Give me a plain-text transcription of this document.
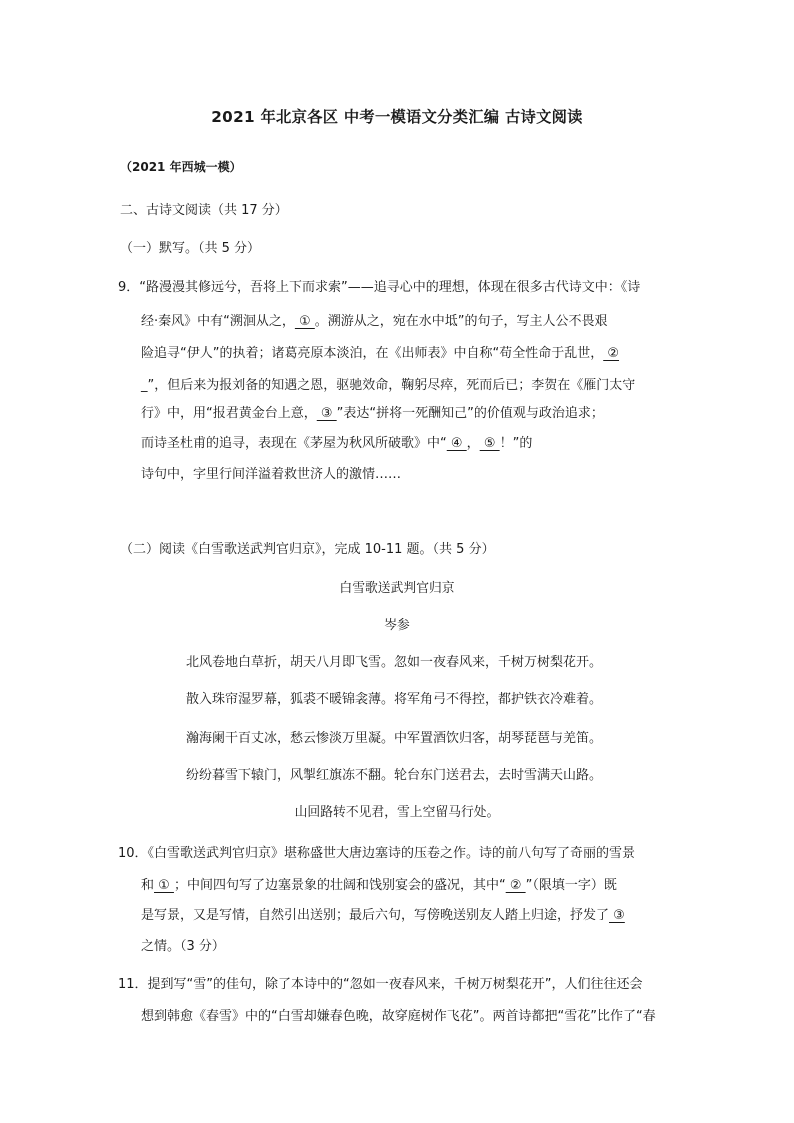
2021 年北京各区 中考一模语文分类汇编 古诗文阅读
（2021 年西城一模）
二、古诗文阅读（共 17 分）
（一）默写。（共 5 分）
9．“路漫漫其修远兮，吾将上下而求索”——追寻心中的理想，体现在很多古代诗文中：《诗
经·秦风》中有“溯洄从之， ① 。溯游从之，宛在水中坻”的句子，写主人公不畏艰
险追寻“伊人”的执着；诸葛亮原本淡泊，在《出师表》中自称“苟全性命于乱世， ②
_”，但后来为报刘备的知遇之恩，驱驰效命，鞠躬尽瘁，死而后已；李贺在《雁门太守
行》中，用“报君黄金台上意， ③ ”表达“拼将一死酬知己”的价值观与政治追求；
而诗圣杜甫的追寻，表现在《茅屋为秋风所破歌》中“ ④ ， ⑤ ！”的
诗句中，字里行间洋溢着救世济人的激情……
（二）阅读《白雪歌送武判官归京》，完成 10-11 题。（共 5 分）
白雪歌送武判官归京
岑参
北风卷地白草折，胡天八月即飞雪。忽如一夜春风来，千树万树梨花开。
散入珠帘湿罗幕，狐裘不暖锦衾薄。将军角弓不得控，都护铁衣冷难着。
瀚海阑干百丈冰，愁云惨淡万里凝。中军置酒饮归客，胡琴琵琶与羌笛。
纷纷暮雪下辕门，风掣红旗冻不翻。轮台东门送君去，去时雪满天山路。
山回路转不见君，雪上空留马行处。
10．《白雪歌送武判官归京》堪称盛世大唐边塞诗的压卷之作。诗的前八句写了奇丽的雪景
和 ① ；中间四句写了边塞景象的壮阔和饯别宴会的盛况，其中“ ② ”（限填一字）既
是写景，又是写情，自然引出送别；最后六句，写傍晚送别友人踏上归途，抒发了 ③
之情。（3 分）
11．提到写“雪”的佳句，除了本诗中的“忽如一夜春风来，千树万树梨花开”，人们往往还会
想到韩愈《春雪》中的“白雪却嫌春色晚，故穿庭树作飞花”。两首诗都把“雪花”比作了“春
